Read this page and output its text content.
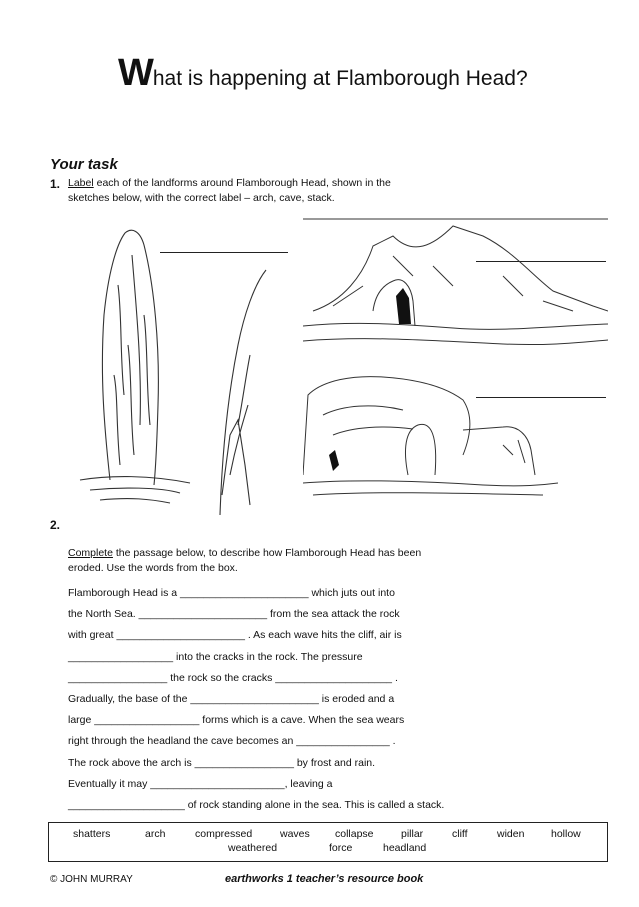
What is happening at Flamborough Head?
Your task
1. Label each of the landforms around Flamborough Head, shown in the sketches below, with the correct label – arch, cave, stack.
2.
Complete the passage below, to describe how Flamborough Head has been eroded. Use the words from the box.
Flamborough Head is a ______________________ which juts out into
the North Sea. ______________________ from the sea attack the rock
with great ______________________ . As each wave hits the cliff, air is
__________________ into the cracks in the rock. The pressure
_________________ the rock so the cracks ____________________ .
Gradually, the base of the ______________________ is eroded and a
large __________________ forms which is a cave. When the sea wears
right through the headland the cave becomes an ________________ .
The rock above the arch is _________________ by frost and rain.
Eventually it may _______________________, leaving a
____________________ of rock standing alone in the sea. This is called a stack.
shatters	arch	compressed	waves collapse	pillar	cliff	widen	hollow
weathered	force	headland
© JOHN MURRAY	earthworks 1 teacher’s resource book
